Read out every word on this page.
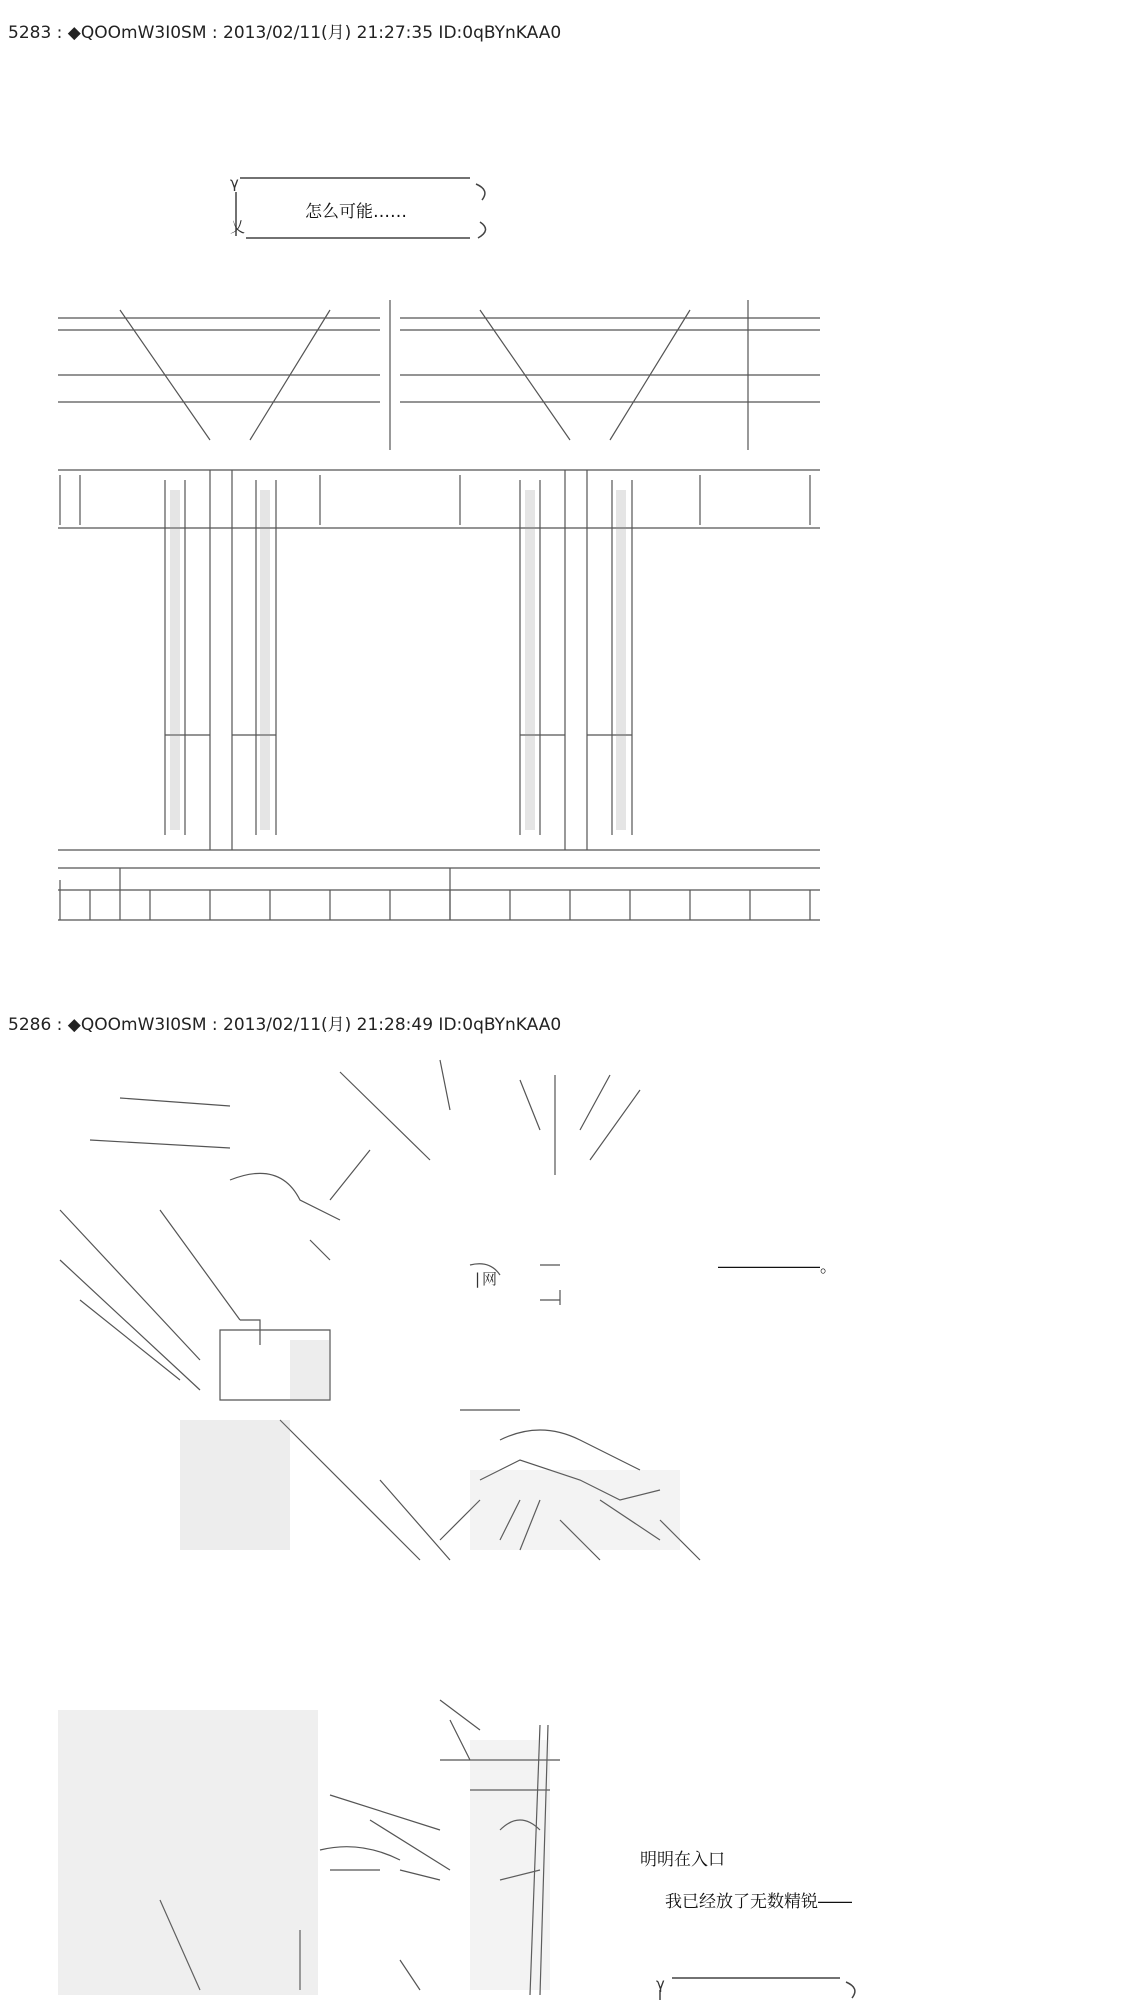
5283 : ◆QOOmW3I0SM : 2013/02/11(月) 21:27:35 ID:0qBYnKAA0
γ
乂
怎么可能……
5286 : ◆QOOmW3I0SM : 2013/02/11(月) 21:28:49 ID:0qBYnKAA0
――――――。
|网
明明在入口
我已经放了无数精锐――
γ
